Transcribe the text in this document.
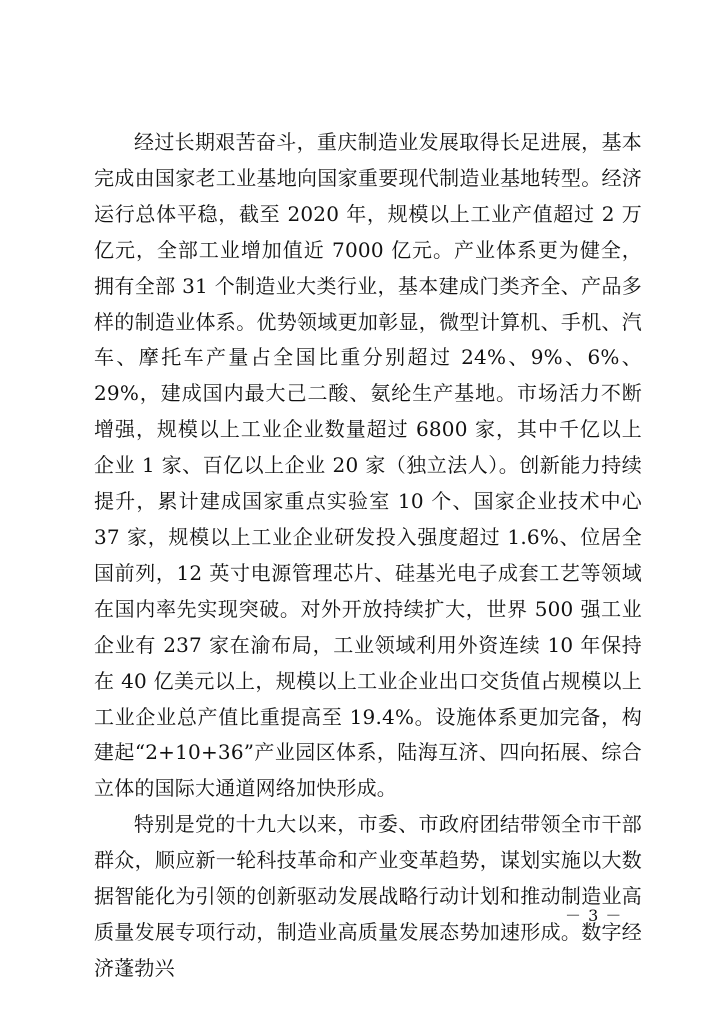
经过长期艰苦奋斗，重庆制造业发展取得长足进展，基本完成由国家老工业基地向国家重要现代制造业基地转型。经济运行总体平稳，截至 2020 年，规模以上工业产值超过 2 万亿元，全部工业增加值近 7000 亿元。产业体系更为健全，拥有全部 31 个制造业大类行业，基本建成门类齐全、产品多样的制造业体系。优势领域更加彰显，微型计算机、手机、汽车、摩托车产量占全国比重分别超过 24%、9%、6%、29%，建成国内最大己二酸、氨纶生产基地。市场活力不断增强，规模以上工业企业数量超过 6800 家，其中千亿以上企业 1 家、百亿以上企业 20 家（独立法人）。创新能力持续提升，累计建成国家重点实验室 10 个、国家企业技术中心 37 家，规模以上工业企业研发投入强度超过 1.6%、位居全国前列，12 英寸电源管理芯片、硅基光电子成套工艺等领域在国内率先实现突破。对外开放持续扩大，世界 500 强工业企业有 237 家在渝布局，工业领域利用外资连续 10 年保持在 40 亿美元以上，规模以上工业企业出口交货值占规模以上工业企业总产值比重提高至 19.4%。设施体系更加完备，构建起“2+10+36”产业园区体系，陆海互济、四向拓展、综合立体的国际大通道网络加快形成。

特别是党的十九大以来，市委、市政府团结带领全市干部群众，顺应新一轮科技革命和产业变革趋势，谋划实施以大数据智能化为引领的创新驱动发展战略行动计划和推动制造业高质量发展专项行动，制造业高质量发展态势加速形成。数字经济蓬勃兴

－ 3 －
